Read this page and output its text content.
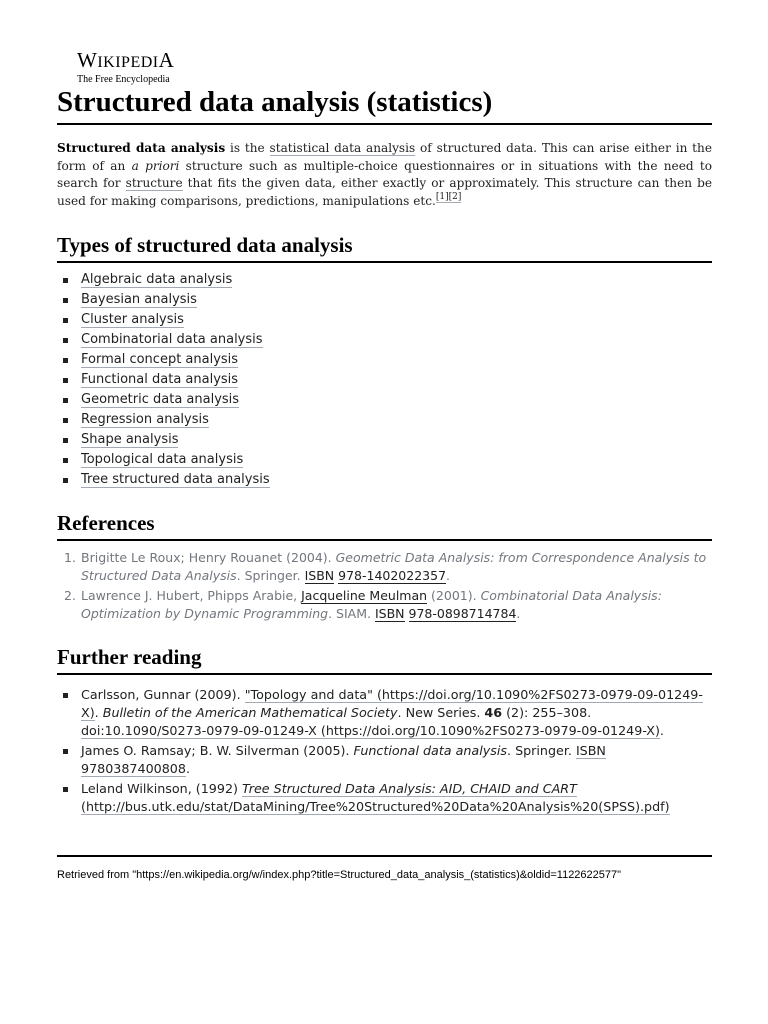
WIKIPEDIA
The Free Encyclopedia
Structured data analysis (statistics)

Structured data analysis is the statistical data analysis of structured data. This can arise either in the form of an a priori structure such as multiple-choice questionnaires or in situations with the need to search for structure that fits the given data, either exactly or approximately. This structure can then be used for making comparisons, predictions, manipulations etc.[1][2]

Types of structured data analysis
Algebraic data analysis
Bayesian analysis
Cluster analysis
Combinatorial data analysis
Formal concept analysis
Functional data analysis
Geometric data analysis
Regression analysis
Shape analysis
Topological data analysis
Tree structured data analysis
References
1. Brigitte Le Roux; Henry Rouanet (2004). Geometric Data Analysis: from Correspondence Analysis to Structured Data Analysis. Springer. ISBN 978-1402022357.
2. Lawrence J. Hubert, Phipps Arabie, Jacqueline Meulman (2001). Combinatorial Data Analysis: Optimization by Dynamic Programming. SIAM. ISBN 978-0898714784.
Further reading
Carlsson, Gunnar (2009). "Topology and data" (https://doi.org/10.1090%2FS0273-0979-09-01249-X). Bulletin of the American Mathematical Society. New Series. 46 (2): 255–308. doi:10.1090/S0273-0979-09-01249-X (https://doi.org/10.1090%2FS0273-0979-09-01249-X).
James O. Ramsay; B. W. Silverman (2005). Functional data analysis. Springer. ISBN 9780387400808.
Leland Wilkinson, (1992) Tree Structured Data Analysis: AID, CHAID and CART (http://bus.utk.edu/stat/DataMining/Tree%20Structured%20Data%20Analysis%20(SPSS).pdf)
Retrieved from "https://en.wikipedia.org/w/index.php?title=Structured_data_analysis_(statistics)&oldid=1122622577"
